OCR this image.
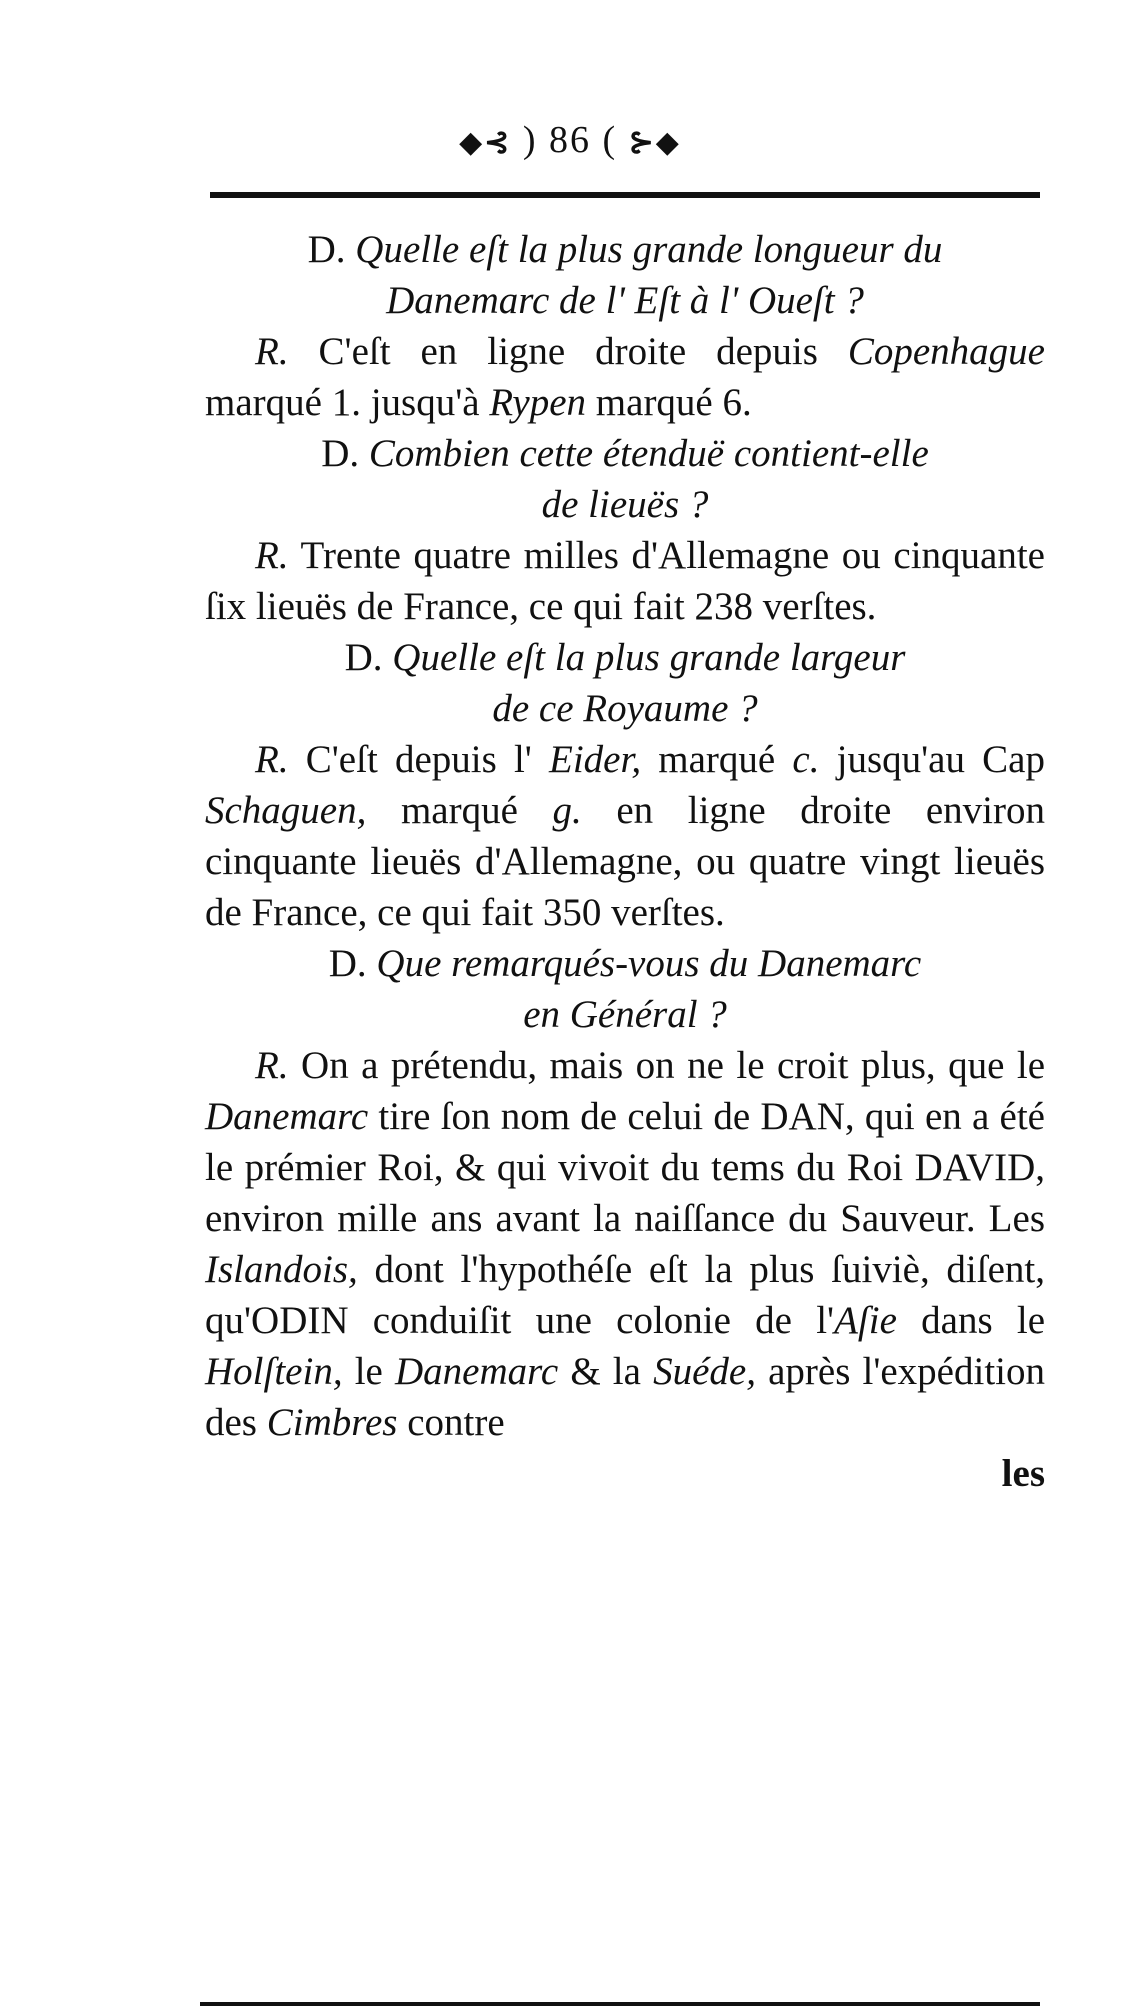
◆⊰ ) 86 ( ⊱◆

D. Quelle eſt la plus grande longueur du
Danemarc de l' Eſt à l' Oueſt ?

R. C'eſt en ligne droite depuis Copenhague marqué 1. jusqu'à Rypen marqué 6.

D. Combien cette étenduë contient-elle
de lieuës ?

R. Trente quatre milles d'Allemagne ou cinquante ſix lieuës de France, ce qui fait 238 verſtes.

D. Quelle eſt la plus grande largeur
de ce Royaume ?

R. C'eſt depuis l' Eider, marqué c. jusqu'au Cap Schaguen, marqué g. en ligne droite environ cinquante lieuës d'Allemagne, ou quatre vingt lieuës de France, ce qui fait 350 verſtes.

D. Que remarqués-vous du Danemarc
en Général ?

R. On a prétendu, mais on ne le croit plus, que le Danemarc tire ſon nom de celui de DAN, qui en a été le prémier Roi, & qui vivoit du tems du Roi DAVID, environ mille ans avant la naiſſance du Sauveur. Les Islandois, dont l'hypothéſe eſt la plus ſuiviè, diſent, qu'ODIN conduiſit une colonie de l'Aſie dans le Holſtein, le Danemarc & la Suéde, après l'expédition des Cimbres contre

les
